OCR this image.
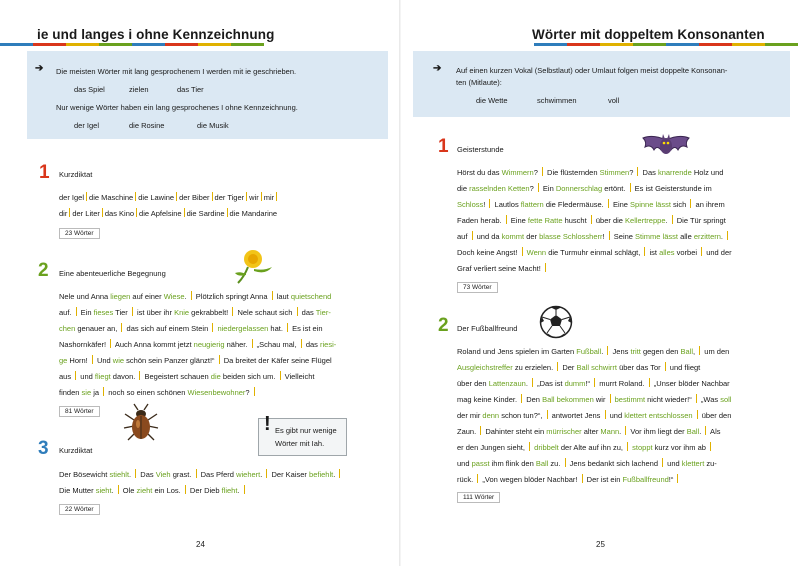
ie und langes i ohne Kennzeichnung
➔ Die meisten Wörter mit lang gesprochenem I werden mit ie geschrieben.
das Spiel	zielen	das Tier
Nur wenige Wörter haben ein lang gesprochenes I ohne Kennzeichnung.
der Igel	die Rosine	die Musik
1 Kurzdiktat
der Igel die Maschine die Lawine der Biber der Tiger wir mir
dir der Liter das Kino die Apfelsine die Sardine die Mandarine
23 Wörter
2 Eine abenteuerliche Begegnung
Nele und Anna liegen auf einer Wiese.  Plötzlich springt Anna  laut quietschend
auf.  Ein fieses Tier  ist über ihr Knie gekrabbelt!  Nele schaut sich  das Tier-
chen genauer an,  das sich auf einem Stein  niedergelassen hat.  Es ist ein
Nashornkäfer!  Auch Anna kommt jetzt neugierig näher.  „Schau mal,  das riesi-
ge Horn!  Und wie schön sein Panzer glänzt!“  Da breitet der Käfer seine Flügel
aus  und fliegt davon.  Begeistert schauen die beiden sich um.  Vielleicht
finden sie ja  noch so einen schönen Wiesenbewohner?
81 Wörter
! Es gibt nur wenige
Wörter mit Iah.
3 Kurzdiktat
Der Bösewicht stiehlt.  Das Vieh grast.  Das Pferd wiehert.  Der Kaiser befiehlt.
Die Mutter sieht.  Ole zieht ein Los.  Der Dieb flieht.
22 Wörter
24
Wörter mit doppeltem Konsonanten
➔ Auf einen kurzen Vokal (Selbstlaut) oder Umlaut folgen meist doppelte Konsonan-
ten (Mitlaute):
die Wette	schwimmen	voll
1 Geisterstunde
Hörst du das Wimmern?  Die flüsternden Stimmen?  Das knarrende Holz und
die rasselnden Ketten?  Ein Donnerschlag ertönt.  Es ist Geisterstunde im
Schloss!  Lautlos flattern die Fledermäuse.  Eine Spinne lässt sich  an ihrem
Faden herab.  Eine fette Ratte huscht  über die Kellertreppe.  Die Tür springt
auf  und da kommt der blasse Schlossherr!  Seine Stimme lässt alle erzittern.
Doch keine Angst!  Wenn die Turmuhr einmal schlägt,  ist alles vorbei  und der
Graf verliert seine Macht!
73 Wörter
2 Der Fußballfreund
Roland und Jens spielen im Garten Fußball.  Jens tritt gegen den Ball,  um den
Ausgleichstreffer zu erzielen.  Der Ball schwirrt über das Tor  und fliegt
über den Lattenzaun.  „Das ist dumm!“  murrt Roland.  „Unser blöder Nachbar
mag keine Kinder.  Den Ball bekommen wir  bestimmt nicht wieder!“  „Was soll
der mir denn schon tun?“,  antwortet Jens  und klettert entschlossen  über den
Zaun.  Dahinter steht ein mürrischer alter Mann.  Vor ihm liegt der Ball.  Als
er den Jungen sieht,  dribbelt der Alte auf ihn zu,  stoppt kurz vor ihm ab
und passt ihm flink den Ball zu.  Jens bedankt sich lachend  und klettert zu-
rück.  „Von wegen blöder Nachbar!  Der ist ein Fußballfreund!“
111 Wörter
25
